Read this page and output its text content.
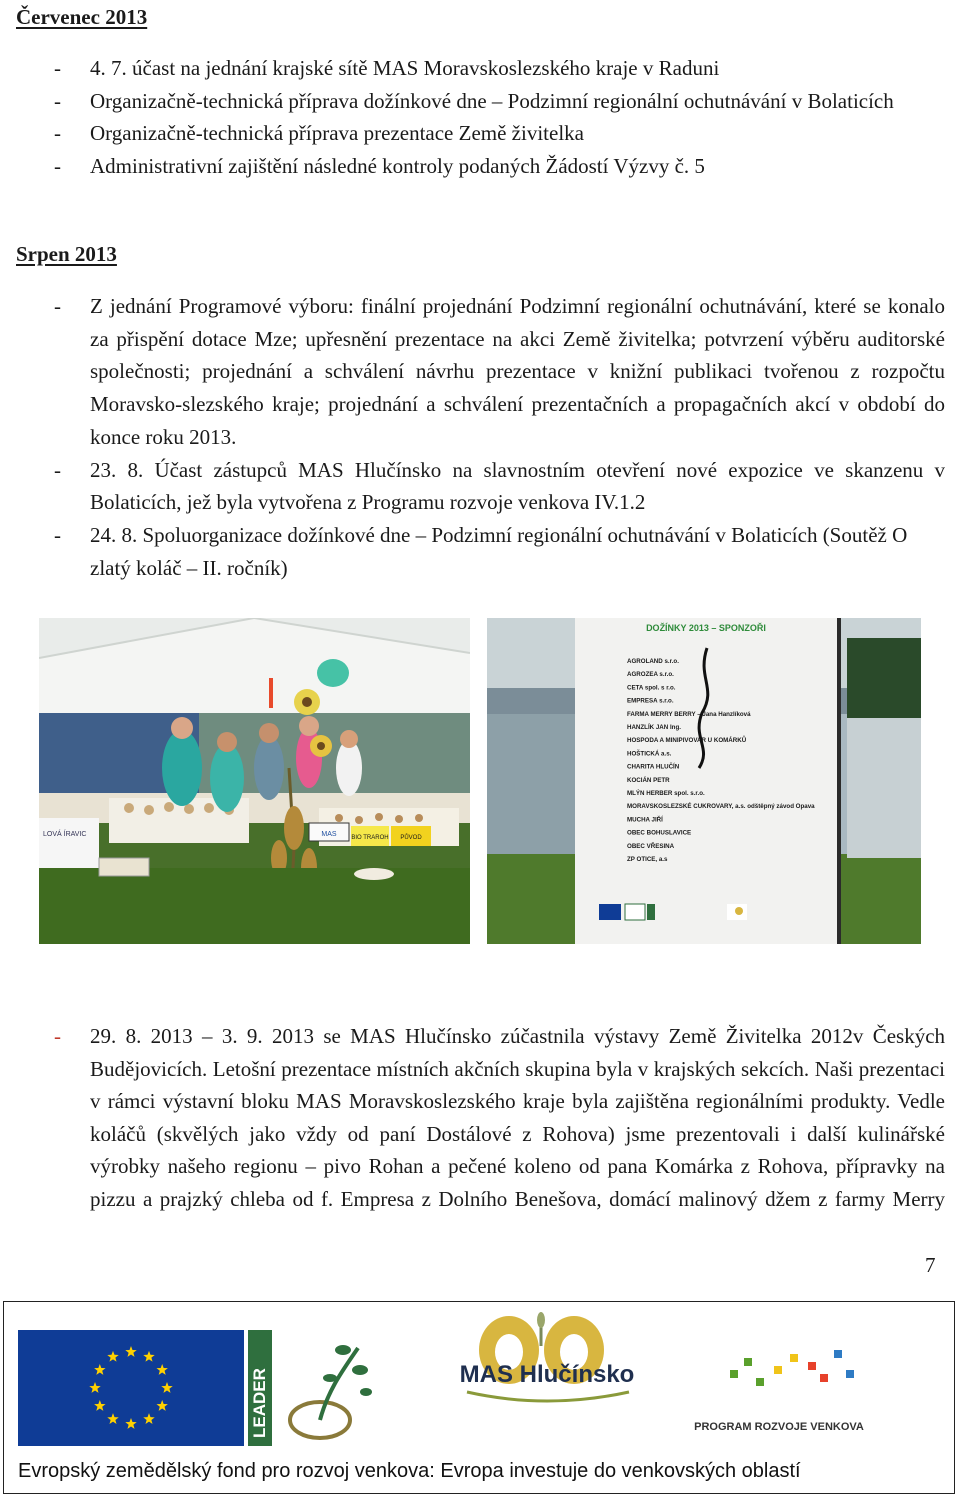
Červenec 2013
- 4. 7. účast na jednání krajské sítě MAS Moravskoslezského kraje v Raduni
- Organizačně-technická příprava dožínkové dne – Podzimní regionální ochutnávání v Bolaticích
- Organizačně-technická příprava prezentace Země živitelka
- Administrativní zajištění následné kontroly podaných Žádostí Výzvy č. 5
Srpen 2013
- Z jednání Programové výboru: finální projednání Podzimní regionální ochutnávání, které se konalo za přispění dotace Mze; upřesnění prezentace na akci Země živitelka; potvrzení výběru auditorské společnosti; projednání a schválení návrhu prezentace v knižní publikaci tvořenou z rozpočtu Moravsko-slezského kraje; projednání a schválení prezentačních a propagačních akcí v období do konce roku 2013.
- 23. 8. Účast zástupců MAS Hlučínsko na slavnostním otevření nové expozice ve skanzenu v Bolaticích, jež byla vytvořena z Programu rozvoje venkova IV.1.2
- 24. 8. Spoluorganizace dožínkové dne – Podzimní regionální ochutnávání v Bolaticích (Soutěž O zlatý koláč – II. ročník)
MAS BIO TRAROH PŮVOD
LOVÁ ÍRAVIC
DOŽÍNKY 2013 – SPONZOŘI
AGROLAND s.r.o.
AGROZEA s.r.o.
CETA spol. s r.o.
EMPRESA s.r.o.
FARMA MERRY BERRY – Jana Hanzlíková
HANZLÍK JAN Ing.
HOSPODA A MINIPIVOVAR U KOMÁRKŮ
HOŠTICKÁ a.s.
CHARITA HLUČÍN
KOCIÁN PETR
MLÝN HERBER spol. s.r.o.
MORAVSKOSLEZSKÉ CUKROVARY, a.s. odštěpný závod Opava
MUCHA JIŘÍ
OBEC BOHUSLAVICE
OBEC VŘESINA
ZP OTICE, a.s
- 29. 8. 2013 – 3. 9. 2013 se MAS Hlučínsko zúčastnila výstavy Země Živitelka 2012v Českých Budějovicích. Letošní prezentace místních akčních skupina byla v krajských sekcích. Naši prezentaci v rámci výstavní bloku MAS Moravskoslezského kraje byla zajištěna regionálními produkty. Vedle koláčů (skvělých jako vždy od paní Dostálové z Rohova) jsme prezentovali i další kulinářské výrobky našeho regionu – pivo Rohan a pečené koleno od pana Komárka z Rohova, přípravky na pizzu a prajzký chleba od f. Empresa z Dolního Benešova, domácí malinový džem z farmy Merry
7
LEADER	MAS Hlučínsko
PROGRAM ROZVOJE VENKOVA
Evropský zemědělský fond pro rozvoj venkova: Evropa investuje do venkovských oblastí
